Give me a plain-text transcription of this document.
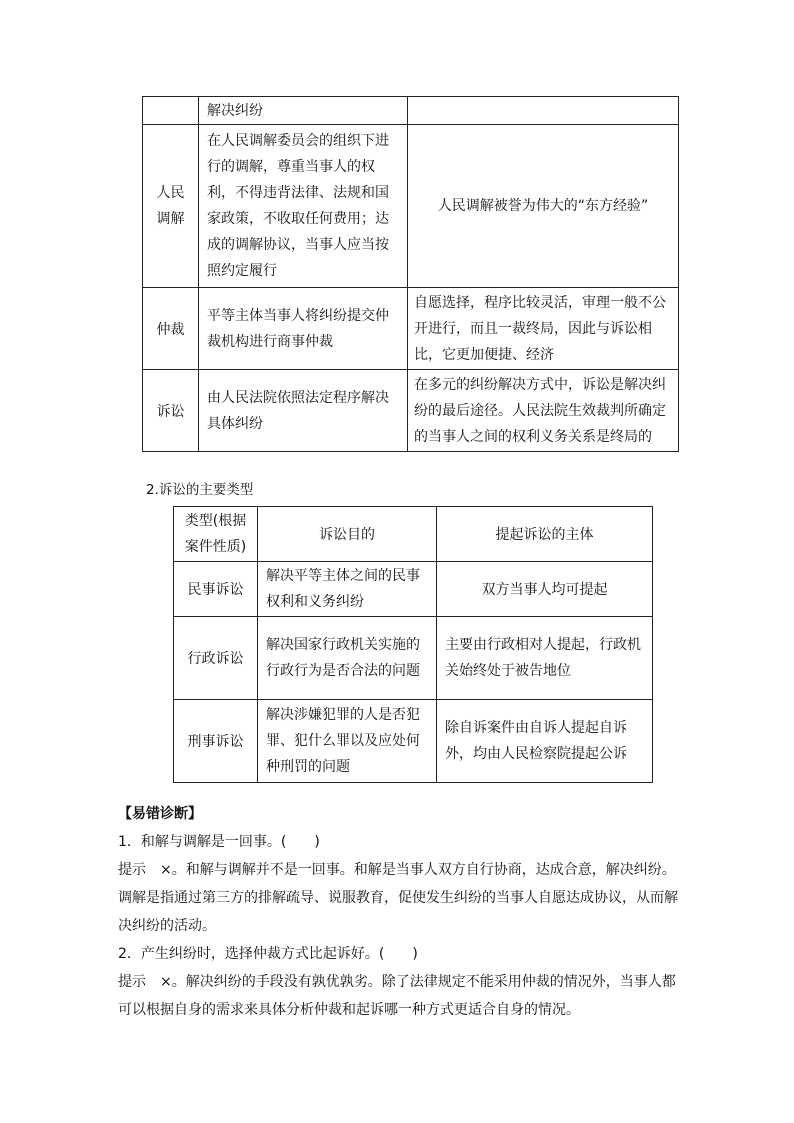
	解决纠纷	

人民调解	在人民调解委员会的组织下进行的调解，尊重当事人的权利，不得违背法律、法规和国家政策，不收取任何费用；达成的调解协议，当事人应当按照约定履行	人民调解被誉为伟大的“东方经验”
仲裁	平等主体当事人将纠纷提交仲裁机构进行商事仲裁	自愿选择，程序比较灵活，审理一般不公开进行，而且一裁终局，因此与诉讼相比，它更加便捷、经济
诉讼	由人民法院依照法定程序解决具体纠纷	在多元的纠纷解决方式中，诉讼是解决纠纷的最后途径。人民法院生效裁判所确定的当事人之间的权利义务关系是终局的
2.诉讼的主要类型
类型(根据案件性质)	诉讼目的	提起诉讼的主体
民事诉讼	解决平等主体之间的民事权利和义务纠纷	双方当事人均可提起
行政诉讼	解决国家行政机关实施的行政行为是否合法的问题	主要由行政相对人提起，行政机关始终处于被告地位
刑事诉讼	解决涉嫌犯罪的人是否犯罪、犯什么罪以及应处何种刑罚的问题	除自诉案件由自诉人提起自诉外，均由人民检察院提起公诉
【易错诊断】
1．和解与调解是一回事。(　　)
提示　×。和解与调解并不是一回事。和解是当事人双方自行协商，达成合意，解决纠纷。
调解是指通过第三方的排解疏导、说服教育，促使发生纠纷的当事人自愿达成协议，从而解
决纠纷的活动。
2．产生纠纷时，选择仲裁方式比起诉好。(　　)
提示　×。解决纠纷的手段没有孰优孰劣。除了法律规定不能采用仲裁的情况外，当事人都
可以根据自身的需求来具体分析仲裁和起诉哪一种方式更适合自身的情况。
